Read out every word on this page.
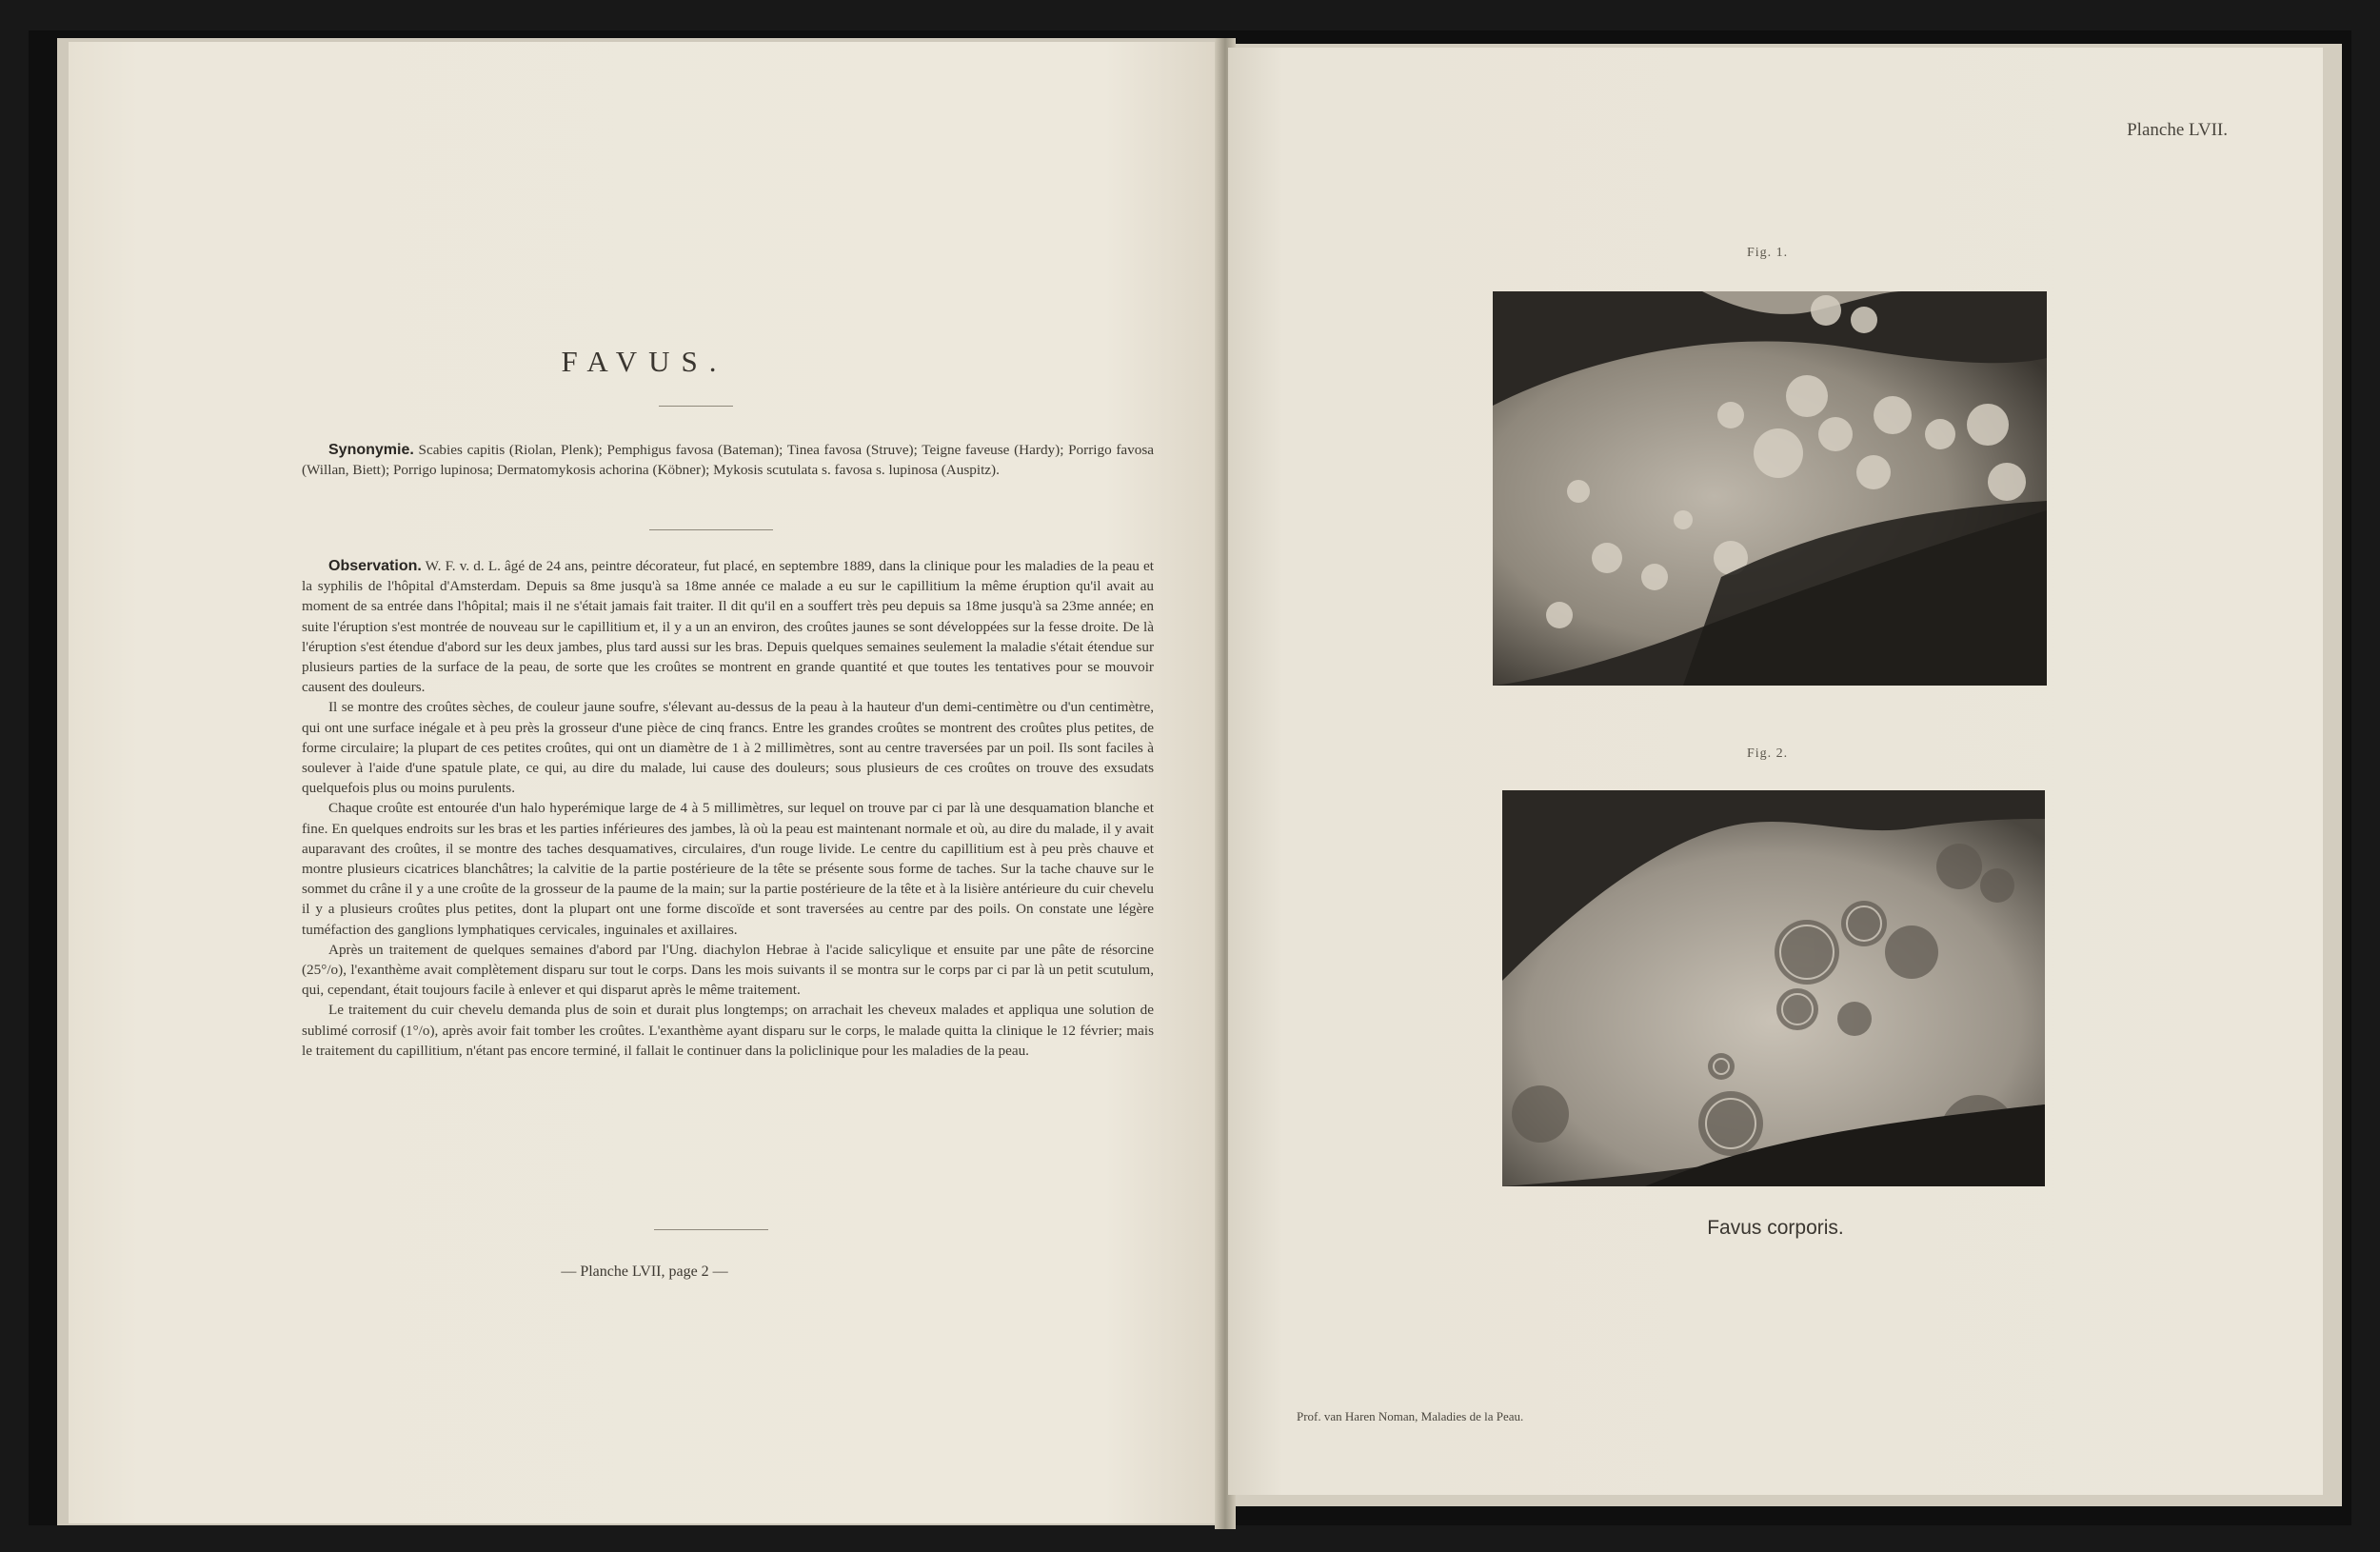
FAVUS.

Synonymie. Scabies capitis (Riolan, Plenk); Pemphigus favosa (Bateman); Tinea favosa (Struve); Teigne faveuse (Hardy); Porrigo favosa (Willan, Biett); Porrigo lupinosa; Dermatomykosis achorina (Köbner); Mykosis scutulata s. favosa s. lupinosa (Auspitz).

Observation. W. F. v. d. L. âgé de 24 ans, peintre décorateur, fut placé, en septembre 1889, dans la clinique pour les maladies de la peau et la syphilis de l'hôpital d'Amsterdam. Depuis sa 8me jusqu'à sa 18me année ce malade a eu sur le capillitium la même éruption qu'il avait au moment de sa entrée dans l'hôpital; mais il ne s'était jamais fait traiter. Il dit qu'il en a souffert très peu depuis sa 18me jusqu'à sa 23me année; en suite l'éruption s'est montrée de nouveau sur le capillitium et, il y a un an environ, des croûtes jaunes se sont développées sur la fesse droite. De là l'éruption s'est étendue d'abord sur les deux jambes, plus tard aussi sur les bras. Depuis quelques semaines seulement la maladie s'était étendue sur plusieurs parties de la surface de la peau, de sorte que les croûtes se montrent en grande quantité et que toutes les tentatives pour se mouvoir causent des douleurs.

Il se montre des croûtes sèches, de couleur jaune soufre, s'élevant au-dessus de la peau à la hauteur d'un demi-centimètre ou d'un centimètre, qui ont une surface inégale et à peu près la grosseur d'une pièce de cinq francs. Entre les grandes croûtes se montrent des croûtes plus petites, de forme circulaire; la plupart de ces petites croûtes, qui ont un diamètre de 1 à 2 millimètres, sont au centre traversées par un poil. Ils sont faciles à soulever à l'aide d'une spatule plate, ce qui, au dire du malade, lui cause des douleurs; sous plusieurs de ces croûtes on trouve des exsudats quelquefois plus ou moins purulents.

Chaque croûte est entourée d'un halo hyperémique large de 4 à 5 millimètres, sur lequel on trouve par ci par là une desquamation blanche et fine. En quelques endroits sur les bras et les parties inférieures des jambes, là où la peau est maintenant normale et où, au dire du malade, il y avait auparavant des croûtes, il se montre des taches desquamatives, circulaires, d'un rouge livide. Le centre du capillitium est à peu près chauve et montre plusieurs cicatrices blanchâtres; la calvitie de la partie postérieure de la tête se présente sous forme de taches. Sur la tache chauve sur le sommet du crâne il y a une croûte de la grosseur de la paume de la main; sur la partie postérieure de la tête et à la lisière antérieure du cuir chevelu il y a plusieurs croûtes plus petites, dont la plupart ont une forme discoïde et sont traversées au centre par des poils. On constate une légère tuméfaction des ganglions lymphatiques cervicales, inguinales et axillaires.

Après un traitement de quelques semaines d'abord par l'Ung. diachylon Hebrae à l'acide salicylique et ensuite par une pâte de résorcine (25°/o), l'exanthème avait complètement disparu sur tout le corps. Dans les mois suivants il se montra sur le corps par ci par là un petit scutulum, qui, cependant, était toujours facile à enlever et qui disparut après le même traitement.

Le traitement du cuir chevelu demanda plus de soin et durait plus longtemps; on arrachait les cheveux malades et appliqua une solution de sublimé corrosif (1°/o), après avoir fait tomber les croûtes. L'exanthème ayant disparu sur le corps, le malade quitta la clinique le 12 février; mais le traitement du capillitium, n'étant pas encore terminé, il fallait le continuer dans la policlinique pour les maladies de la peau.

— Planche LVII, page 2 —
Planche LVII.
Fig. 1.
Fig. 2.
Favus corporis.
Prof. van Haren Noman, Maladies de la Peau.
